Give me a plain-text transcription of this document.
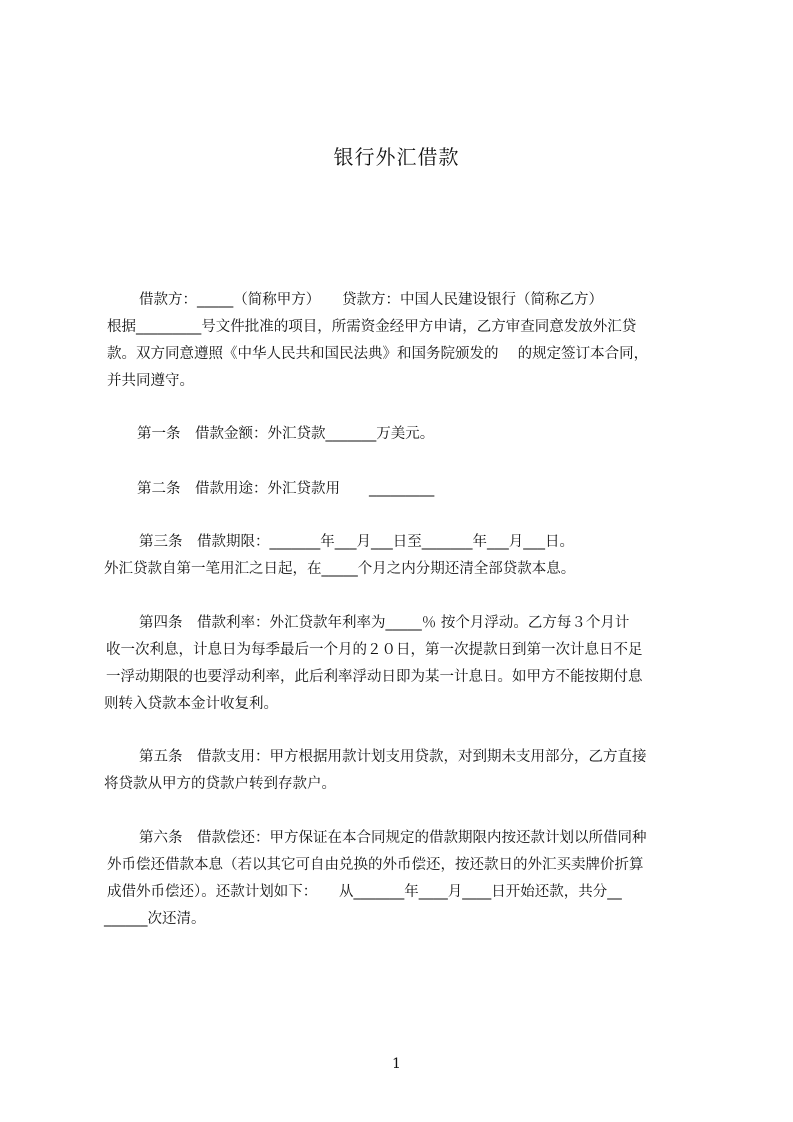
银行外汇借款

借款方：_____（简称甲方）　　贷款方：中国人民建设银行（简称乙方）

根据_________号文件批准的项目，所需资金经甲方申请，乙方审查同意发放外汇贷

款。双方同意遵照《中华人民共和国民法典》和国务院颁发的　 的规定签订本合同，

并共同遵守。

第一条　借款金额：外汇贷款_______万美元。

第二条　借款用途：外汇贷款用　　_________

第三条　借款期限：_______年___月___日至_______年___月___日。

外汇贷款自第一笔用汇之日起，在_____个月之内分期还清全部贷款本息。

第四条　借款利率：外汇贷款年利率为_____％ 按个月浮动。乙方每３个月计

收一次利息，计息日为每季最后一个月的２０日，第一次提款日到第一次计息日不足

一浮动期限的也要浮动利率，此后利率浮动日即为某一计息日。如甲方不能按期付息

则转入贷款本金计收复利。

第五条　借款支用：甲方根据用款计划支用贷款，对到期未支用部分，乙方直接

将贷款从甲方的贷款户转到存款户。

第六条　借款偿还：甲方保证在本合同规定的借款期限内按还款计划以所借同种

外币偿还借款本息（若以其它可自由兑换的外币偿还，按还款日的外汇买卖牌价折算

成借外币偿还）。还款计划如下：　　从_______年____月____日开始还款，共分__

______次还清。

1
